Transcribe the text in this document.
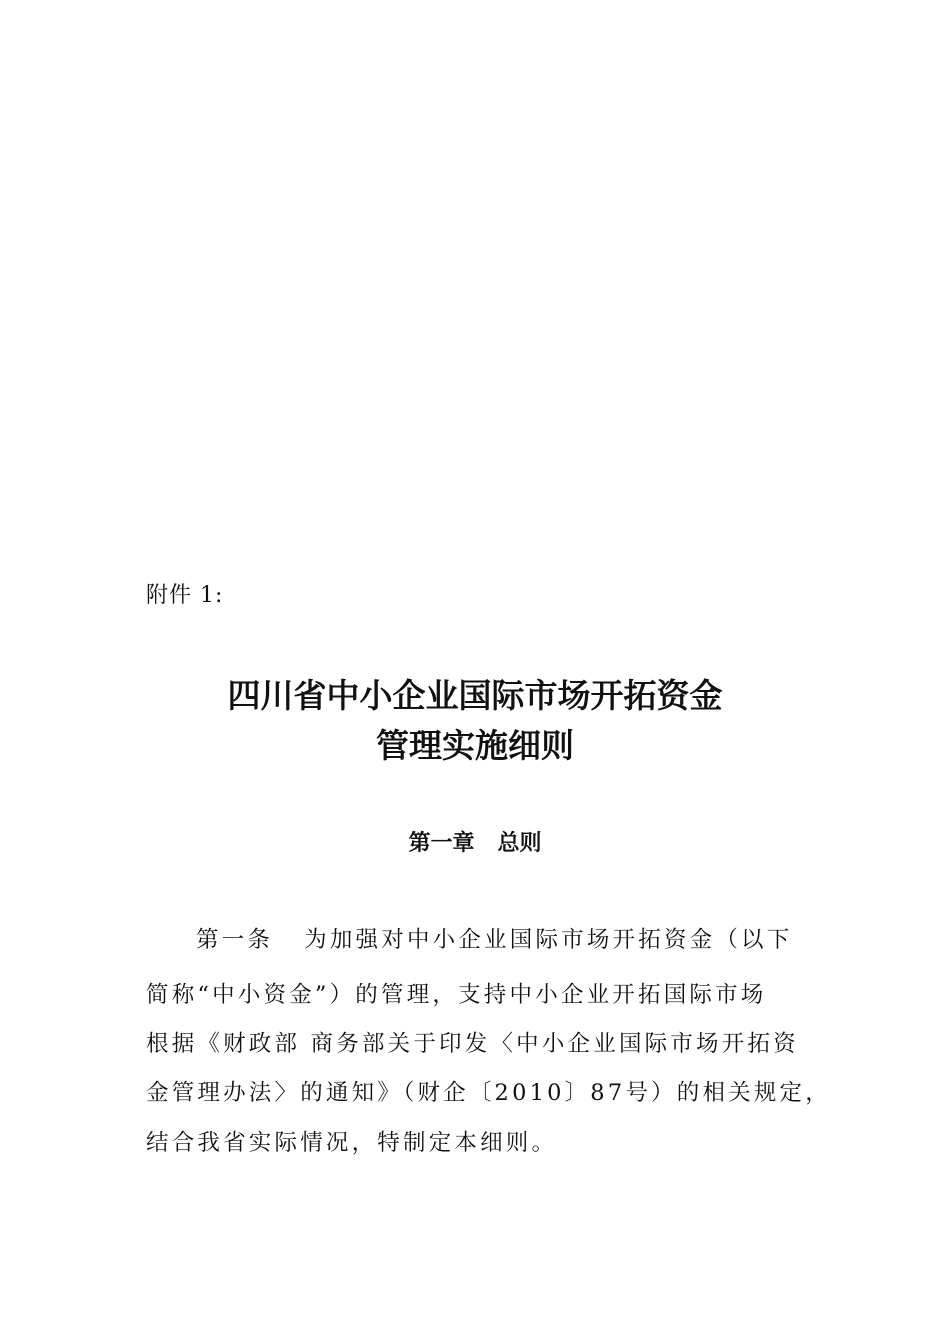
附件 1:
四川省中小企业国际市场开拓资金
管理实施细则
第一章   总则
第一条   为加强对中小企业国际市场开拓资金（以下
简称“中小资金”）的管理，支持中小企业开拓国际市场
根据《财政部 商务部关于印发〈中小企业国际市场开拓资
金管理办法〉的通知》（财企〔2010〕87号）的相关规定，
结合我省实际情况，特制定本细则。
